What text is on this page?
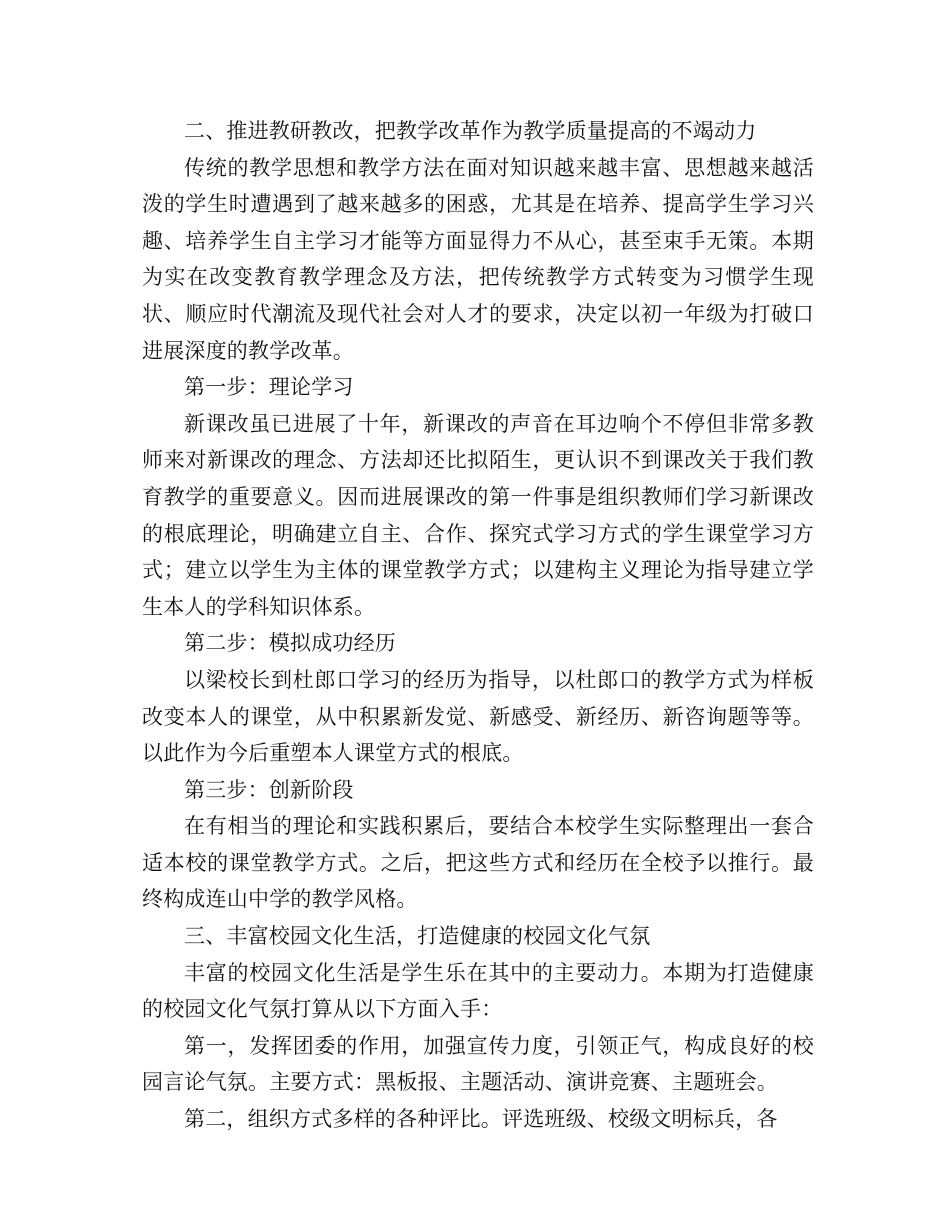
二、推进教研教改，把教学改革作为教学质量提高的不竭动力

传统的教学思想和教学方法在面对知识越来越丰富、思想越来越活泼的学生时遭遇到了越来越多的困惑，尤其是在培养、提高学生学习兴趣、培养学生自主学习才能等方面显得力不从心，甚至束手无策。本期为实在改变教育教学理念及方法，把传统教学方式转变为习惯学生现状、顺应时代潮流及现代社会对人才的要求，决定以初一年级为打破口进展深度的教学改革。

第一步：理论学习

新课改虽已进展了十年，新课改的声音在耳边响个不停但非常多教师来对新课改的理念、方法却还比拟陌生，更认识不到课改关于我们教育教学的重要意义。因而进展课改的第一件事是组织教师们学习新课改的根底理论，明确建立自主、合作、探究式学习方式的学生课堂学习方式；建立以学生为主体的课堂教学方式；以建构主义理论为指导建立学生本人的学科知识体系。

第二步：模拟成功经历

以梁校长到杜郎口学习的经历为指导，以杜郎口的教学方式为样板改变本人的课堂，从中积累新发觉、新感受、新经历、新咨询题等等。以此作为今后重塑本人课堂方式的根底。

第三步：创新阶段

在有相当的理论和实践积累后，要结合本校学生实际整理出一套合适本校的课堂教学方式。之后，把这些方式和经历在全校予以推行。最终构成连山中学的教学风格。

三、丰富校园文化生活，打造健康的校园文化气氛

丰富的校园文化生活是学生乐在其中的主要动力。本期为打造健康的校园文化气氛打算从以下方面入手：

第一，发挥团委的作用，加强宣传力度，引领正气，构成良好的校园言论气氛。主要方式：黑板报、主题活动、演讲竞赛、主题班会。

第二，组织方式多样的各种评比。评选班级、校级文明标兵，各
